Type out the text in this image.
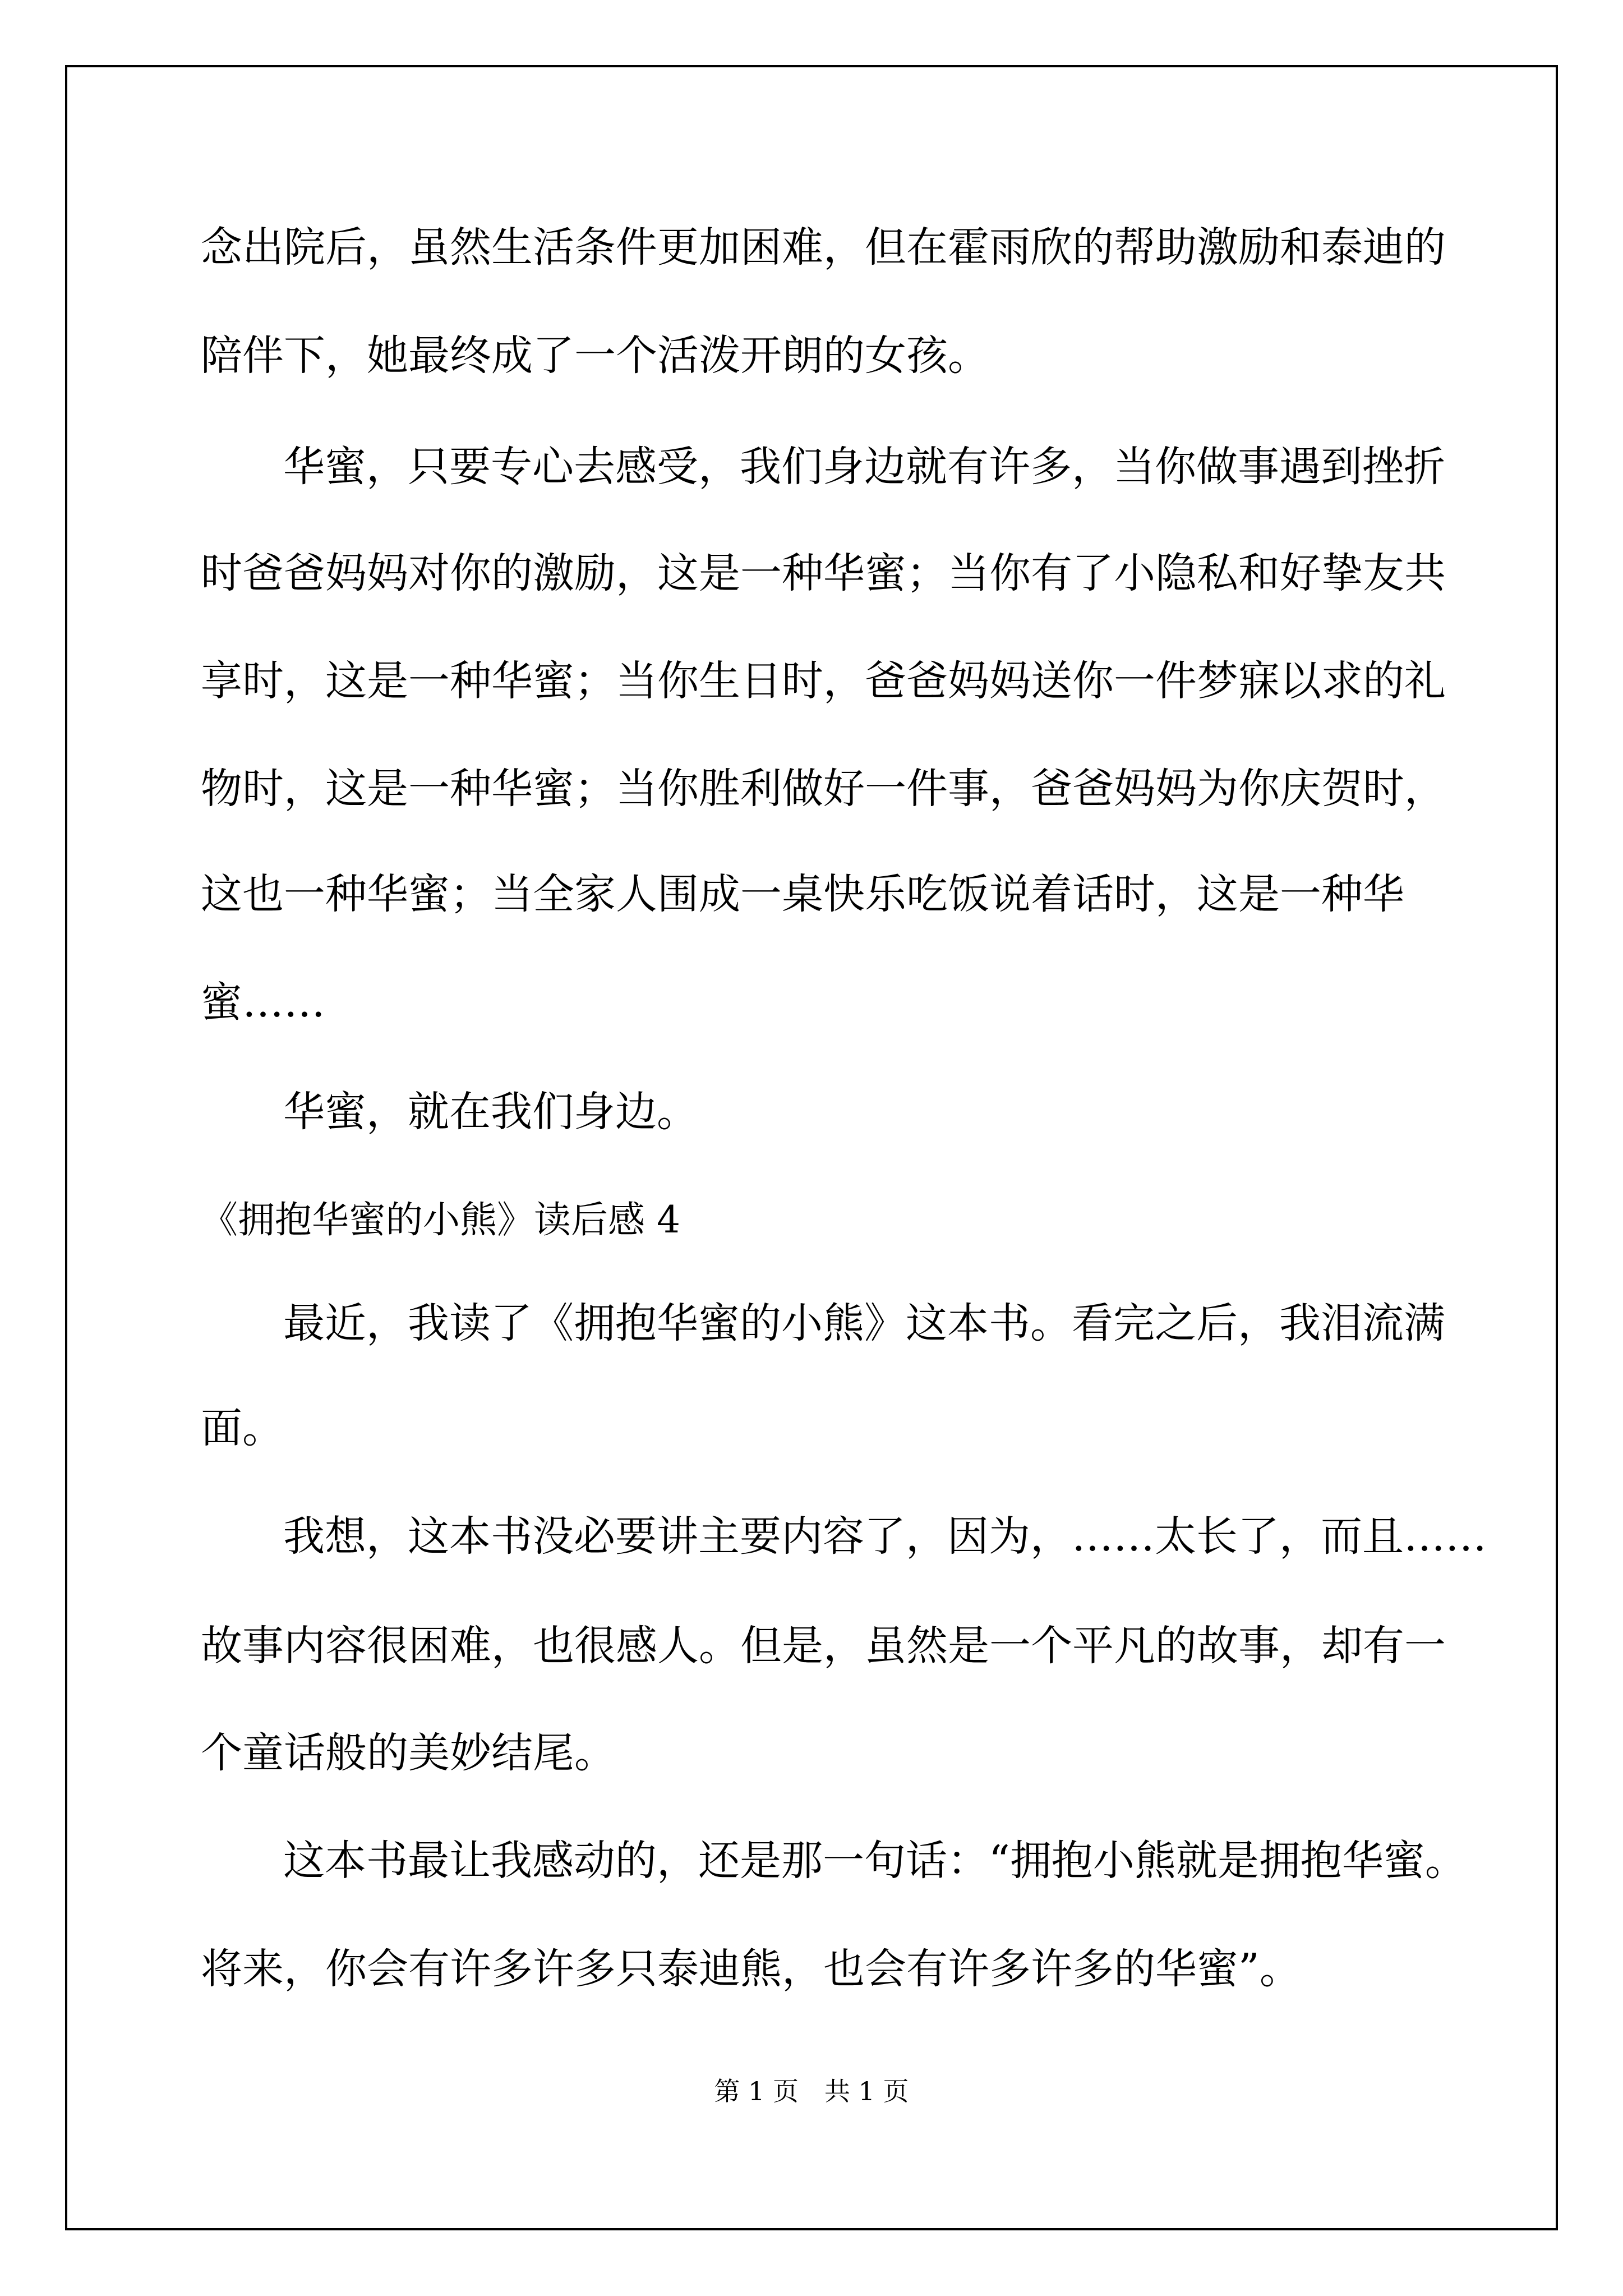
念出院后，虽然生活条件更加困难，但在霍雨欣的帮助激励和泰迪的

陪伴下，她最终成了一个活泼开朗的女孩。

华蜜，只要专心去感受，我们身边就有许多，当你做事遇到挫折

时爸爸妈妈对你的激励，这是一种华蜜；当你有了小隐私和好挚友共

享时，这是一种华蜜；当你生日时，爸爸妈妈送你一件梦寐以求的礼

物时，这是一种华蜜；当你胜利做好一件事，爸爸妈妈为你庆贺时，

这也一种华蜜；当全家人围成一桌快乐吃饭说着话时，这是一种华

蜜……

华蜜，就在我们身边。

《拥抱华蜜的小熊》读后感 4

最近，我读了《拥抱华蜜的小熊》这本书。看完之后，我泪流满

面。

我想，这本书没必要讲主要内容了，因为，……太长了，而且……

故事内容很困难，也很感人。但是，虽然是一个平凡的故事，却有一

个童话般的美妙结尾。

这本书最让我感动的，还是那一句话：“拥抱小熊就是拥抱华蜜。

将来，你会有许多许多只泰迪熊，也会有许多许多的华蜜”。

第 1 页　共 1 页
